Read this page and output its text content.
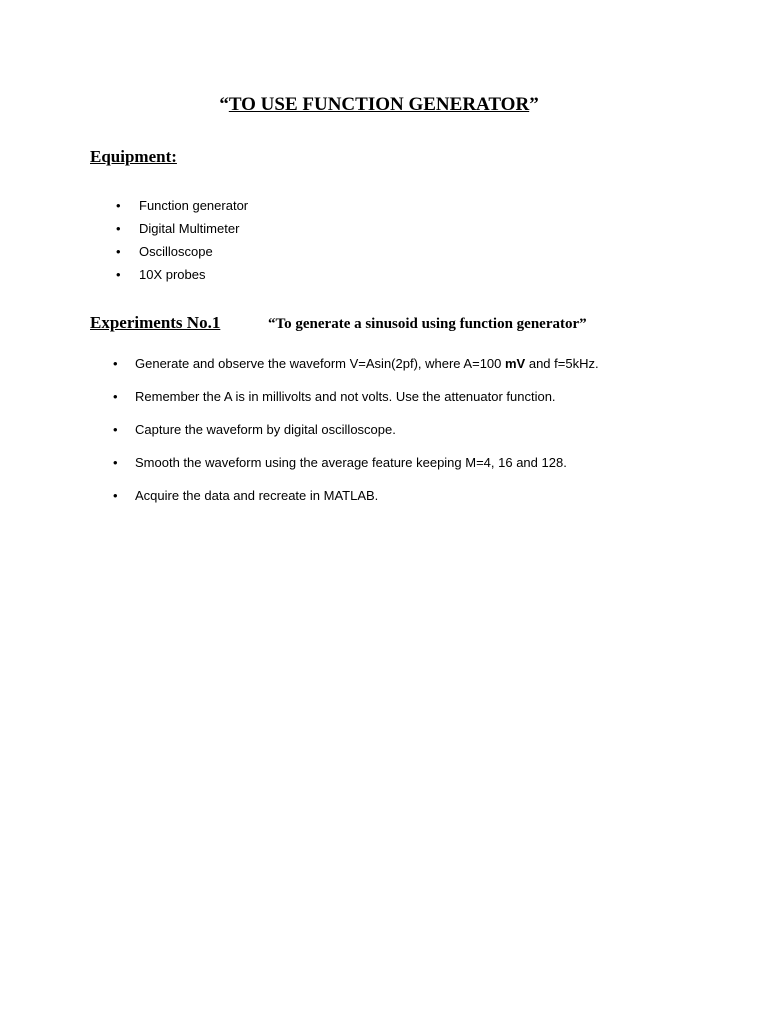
“TO USE FUNCTION GENERATOR”
Equipment:
• Function generator
• Digital Multimeter
• Oscilloscope
• 10X probes
Experiments No.1	“To generate a sinusoid using function generator”
• Generate and observe the waveform V=Asin(2pf), where A=100 mV and f=5kHz.
• Remember the A is in millivolts and not volts. Use the attenuator function.
• Capture the waveform by digital oscilloscope.
• Smooth the waveform using the average feature keeping M=4, 16 and 128.
• Acquire the data and recreate in MATLAB.
